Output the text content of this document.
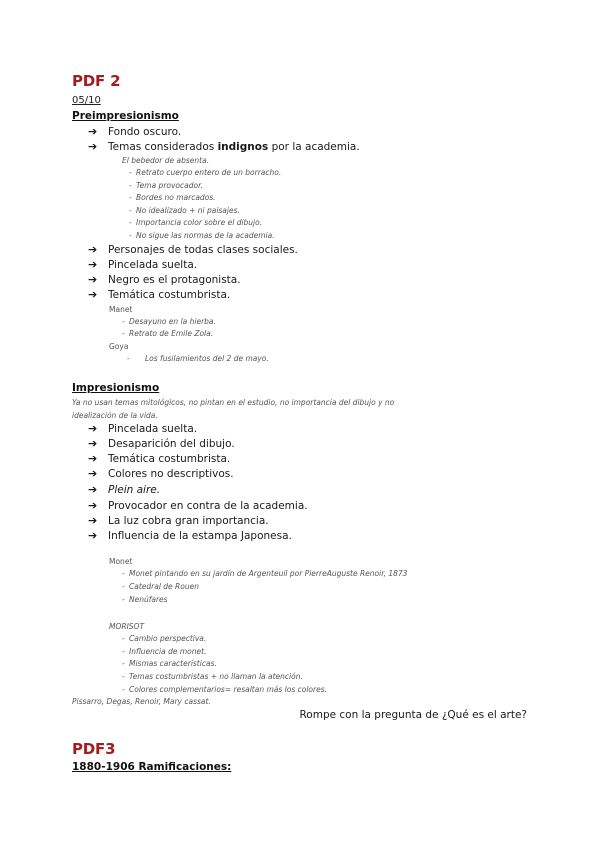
PDF 2
05/10
Preimpresionismo
➔ Fondo oscuro.
➔ Temas considerados indignos por la academia.
El bebedor de absenta.
- Retrato cuerpo entero de un borracho.
- Tema provocador.
- Bordes no marcados.
- No idealizado + ni paisajes.
- Importancia color sobre el dibujo.
- No sigue las normas de la academia.
➔ Personajes de todas clases sociales.
➔ Pincelada suelta.
➔ Negro es el protagonista.
➔ Temática costumbrista.
Manet
- Desayuno en la hierba.
- Retrato de Emile Zola.
Goya
- Los fusilamientos del 2 de mayo.
Impresionismo
Ya no usan temas mitológicos, no pintan en el estudio, no importancia del dibujo y no idealización de la vida.
➔ Pincelada suelta.
➔ Desaparición del dibujo.
➔ Temática costumbrista.
➔ Colores no descriptivos.
➔ Plein aire.
➔ Provocador en contra de la academia.
➔ La luz cobra gran importancia.
➔ Influencia de la estampa Japonesa.
Monet
- Monet pintando en su jardín de Argenteuil por PierreAuguste Renoir, 1873
- Catedral de Rouen
- Nenúfares
MORISOT
- Cambio perspectiva.
- Influencia de monet.
- Mismas características.
- Temas costumbristas + no llaman la atención.
- Colores complementarios= resaltan más los colores.
Pissarro, Degas, Renoir, Mary cassat.
Rompe con la pregunta de ¿Qué es el arte?
PDF3
1880-1906 Ramificaciones:
